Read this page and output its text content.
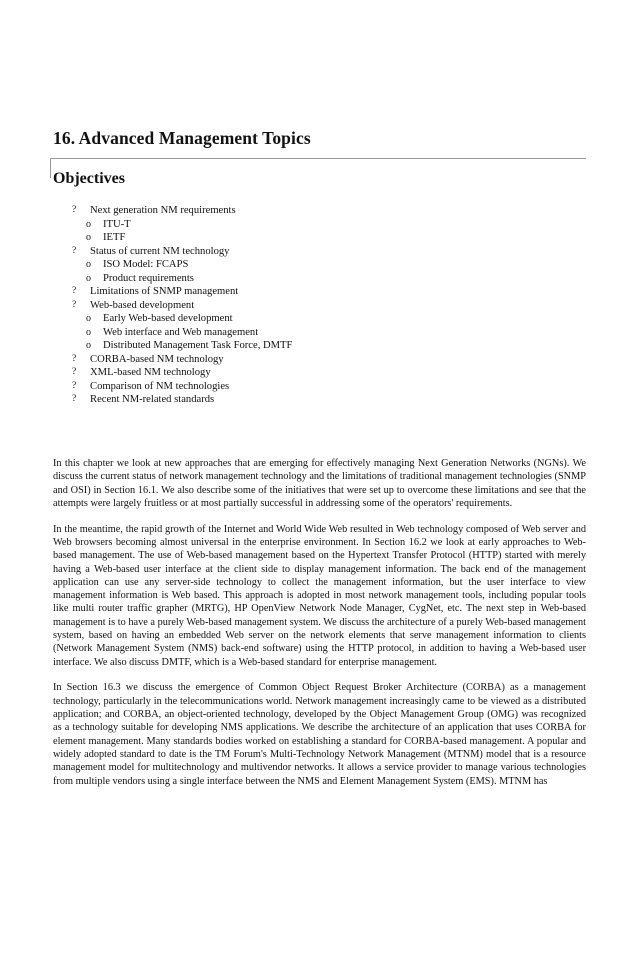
16. Advanced Management Topics
Objectives
? Next generation NM requirements
o ITU-T
o IETF
? Status of current NM technology
o ISO Model: FCAPS
o Product requirements
? Limitations of SNMP management
? Web-based development
o Early Web-based development
o Web interface and Web management
o Distributed Management Task Force, DMTF
? CORBA-based NM technology
? XML-based NM technology
? Comparison of NM technologies
? Recent NM-related standards

In this chapter we look at new approaches that are emerging for effectively managing Next Generation Networks (NGNs). We discuss the current status of network management technology and the limitations of traditional management technologies (SNMP and OSI) in Section 16.1. We also describe some of the initiatives that were set up to overcome these limitations and see that the attempts were largely fruitless or at most partially successful in addressing some of the operators' requirements.

In the meantime, the rapid growth of the Internet and World Wide Web resulted in Web technology composed of Web server and Web browsers becoming almost universal in the enterprise environment. In Section 16.2 we look at early approaches to Web-based management. The use of Web-based management based on the Hypertext Transfer Protocol (HTTP) started with merely having a Web-based user interface at the client side to display management information. The back end of the management application can use any server-side technology to collect the management information, but the user interface to view management information is Web based. This approach is adopted in most network management tools, including popular tools like multi router traffic grapher (MRTG), HP OpenView Network Node Manager, CygNet, etc. The next step in Web-based management is to have a purely Web-based management system. We discuss the architecture of a purely Web-based management system, based on having an embedded Web server on the network elements that serve management information to clients (Network Management System (NMS) back-end software) using the HTTP protocol, in addition to having a Web-based user interface. We also discuss DMTF, which is a Web-based standard for enterprise management.

In Section 16.3 we discuss the emergence of Common Object Request Broker Architecture (CORBA) as a management technology, particularly in the telecommunications world. Network management increasingly came to be viewed as a distributed application; and CORBA, an object-oriented technology, developed by the Object Management Group (OMG) was recognized as a technology suitable for developing NMS applications. We describe the architecture of an application that uses CORBA for element management. Many standards bodies worked on establishing a standard for CORBA-based management. A popular and widely adopted standard to date is the TM Forum's Multi-Technology Network Management (MTNM) model that is a resource management model for multitechnology and multivendor networks. It allows a service provider to manage various technologies from multiple vendors using a single interface between the NMS and Element Management System (EMS). MTNM has
